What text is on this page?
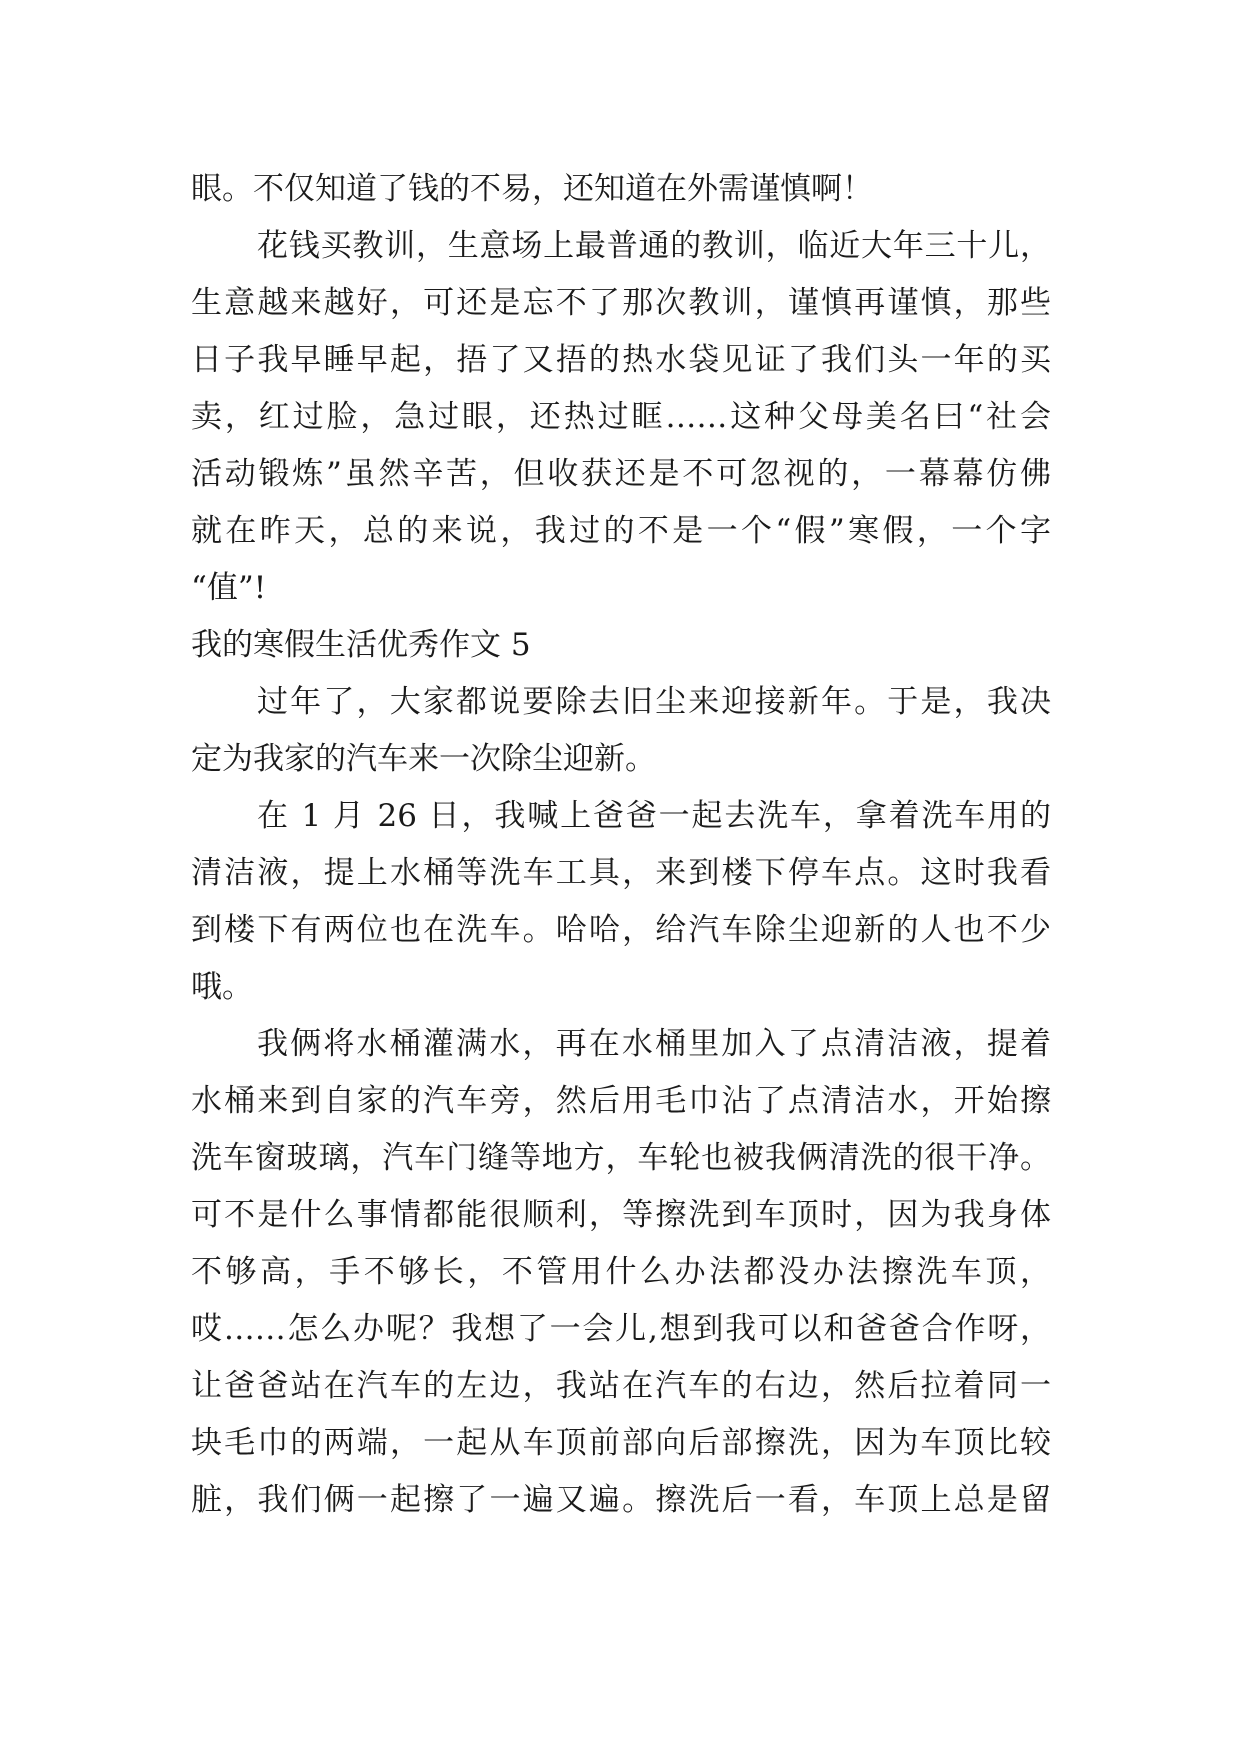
眼。不仅知道了钱的不易，还知道在外需谨慎啊！
花钱买教训，生意场上最普通的教训，临近大年三十儿，
生意越来越好，可还是忘不了那次教训，谨慎再谨慎，那些
日子我早睡早起，捂了又捂的热水袋见证了我们头一年的买
卖，红过脸，急过眼，还热过眶……这种父母美名曰“社会
活动锻炼”虽然辛苦，但收获还是不可忽视的，一幕幕仿佛
就在昨天，总的来说，我过的不是一个“假”寒假，一个字
“值”!
我的寒假生活优秀作文 5
过年了，大家都说要除去旧尘来迎接新年。于是，我决
定为我家的汽车来一次除尘迎新。
在 1 月 26 日，我喊上爸爸一起去洗车，拿着洗车用的
清洁液，提上水桶等洗车工具，来到楼下停车点。这时我看
到楼下有两位也在洗车。哈哈，给汽车除尘迎新的人也不少
哦。
我俩将水桶灌满水，再在水桶里加入了点清洁液，提着
水桶来到自家的汽车旁，然后用毛巾沾了点清洁水，开始擦
洗车窗玻璃，汽车门缝等地方，车轮也被我俩清洗的很干净。
可不是什么事情都能很顺利，等擦洗到车顶时，因为我身体
不够高，手不够长，不管用什么办法都没办法擦洗车顶，
哎……怎么办呢？我想了一会儿,想到我可以和爸爸合作呀，
让爸爸站在汽车的左边，我站在汽车的右边，然后拉着同一
块毛巾的两端，一起从车顶前部向后部擦洗，因为车顶比较
脏，我们俩一起擦了一遍又遍。擦洗后一看，车顶上总是留
